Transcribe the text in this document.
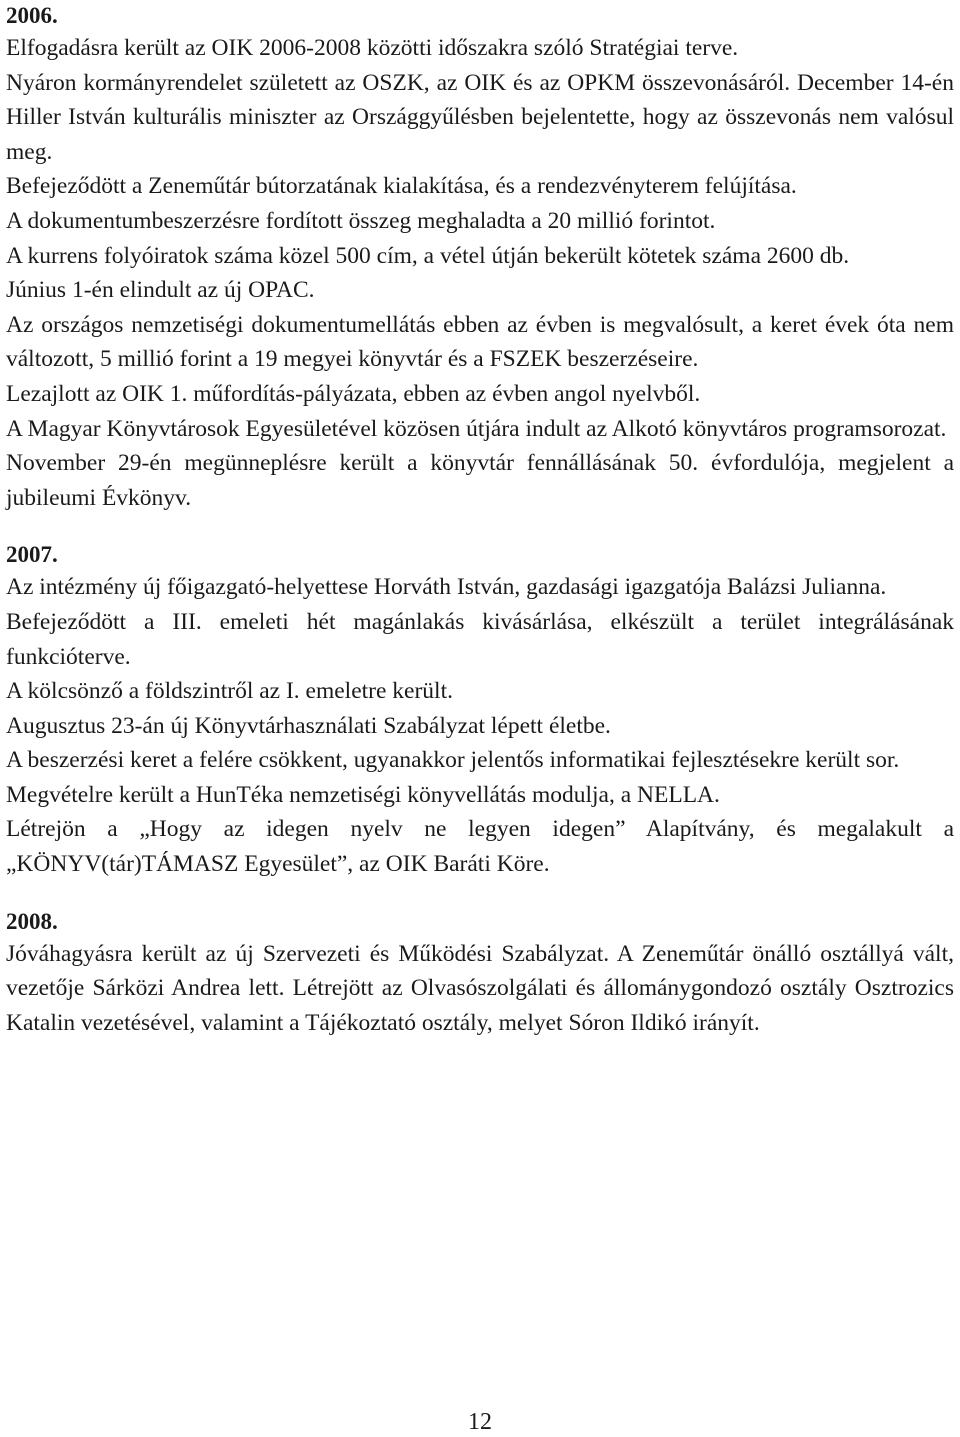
2006.

Elfogadásra került az OIK 2006-2008 közötti időszakra szóló Stratégiai terve.

Nyáron kormányrendelet született az OSZK, az OIK és az OPKM összevonásáról. December 14-én Hiller István kulturális miniszter az Országgyűlésben bejelentette, hogy az összevonás nem valósul meg.

Befejeződött a Zeneműtár bútorzatának kialakítása, és a rendezvényterem felújítása.

A dokumentumbeszerzésre fordított összeg meghaladta a 20 millió forintot.

A kurrens folyóiratok száma közel 500 cím, a vétel útján bekerült kötetek száma 2600 db.

Június 1-én elindult az új OPAC.

Az országos nemzetiségi dokumentumellátás ebben az évben is megvalósult, a keret évek óta nem változott, 5 millió forint a 19 megyei könyvtár és a FSZEK beszerzéseire.

Lezajlott az OIK 1. műfordítás-pályázata, ebben az évben angol nyelvből.

A Magyar Könyvtárosok Egyesületével közösen útjára indult az Alkotó könyvtáros programsorozat.

November 29-én megünneplésre került a könyvtár fennállásának 50. évfordulója, megjelent a jubileumi Évkönyv.

2007.

Az intézmény új főigazgató-helyettese Horváth István, gazdasági igazgatója Balázsi Julianna.

Befejeződött a III. emeleti hét magánlakás kivásárlása, elkészült a terület integrálásának funkcióterve.

A kölcsönző a földszintről az I. emeletre került.

Augusztus 23-án új Könyvtárhasználati Szabályzat lépett életbe.

A beszerzési keret a felére csökkent, ugyanakkor jelentős informatikai fejlesztésekre került sor.

Megvételre került a HunTéka nemzetiségi könyvellátás modulja, a NELLA.

Létrejön a „Hogy az idegen nyelv ne legyen idegen” Alapítvány, és megalakult a „KÖNYV(tár)TÁMASZ Egyesület”, az OIK Baráti Köre.

2008.

Jóváhagyásra került az új Szervezeti és Működési Szabályzat. A Zeneműtár önálló osztállyá vált, vezetője Sárközi Andrea lett. Létrejött az Olvasószolgálati és állománygondozó osztály Osztrozics Katalin vezetésével, valamint a Tájékoztató osztály, melyet Sóron Ildikó irányít.

12
